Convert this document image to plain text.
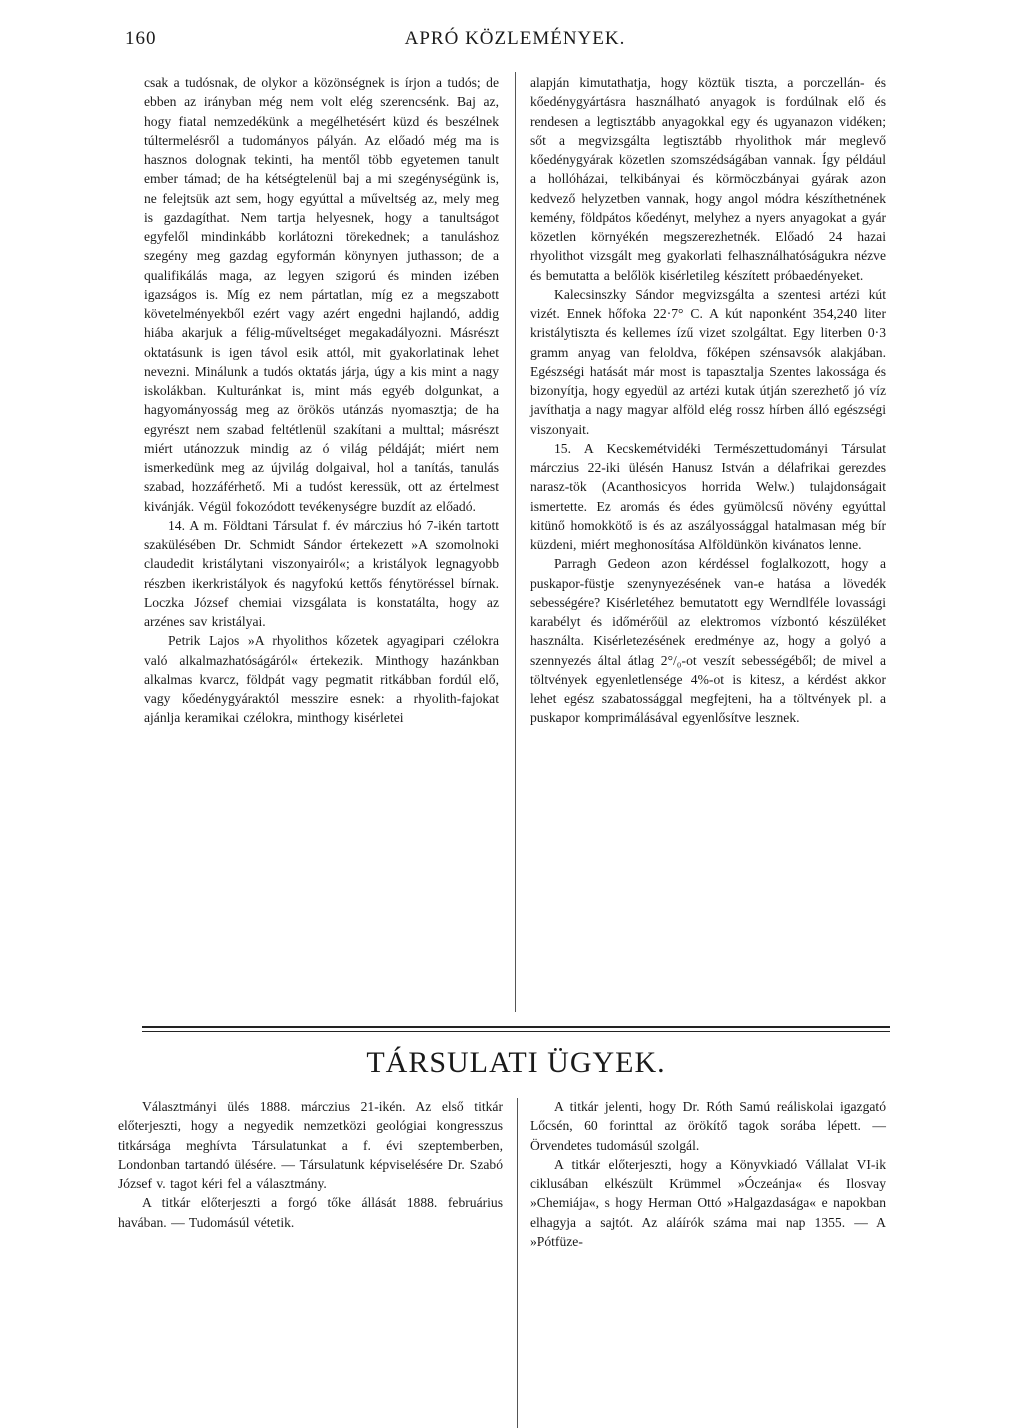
160	APRÓ KÖZLEMÉNYEK.

csak a tudósnak, de olykor a közönségnek is írjon a tudós; de ebben az irányban még nem volt elég szerencsénk. Baj az, hogy fiatal nemzedékünk a megélhetésért küzd és beszélnek túltermelésről a tudományos pályán. Az előadó még ma is hasznos dolognak tekinti, ha mentől több egyetemen tanult ember támad; de ha kétségtelenül baj a mi szegénységünk is, ne felejtsük azt sem, hogy egyúttal a műveltség az, mely meg is gazdagíthat. Nem tartja helyesnek, hogy a tanultságot egyfelől mindinkább korlátozni törekednek; a tanuláshoz szegény meg gazdag egyformán könynyen juthasson; de a qualifikálás maga, az legyen szigorú és minden izében igazságos is. Míg ez nem pártatlan, míg ez a megszabott követelményekből ezért vagy azért engedni hajlandó, addig hiába akarjuk a félig-műveltséget megakadályozni. Másrészt oktatásunk is igen távol esik attól, mit gyakorlatinak lehet nevezni. Minálunk a tudós oktatás járja, úgy a kis mint a nagy iskolákban. Kulturánkat is, mint más egyéb dolgunkat, a hagyományosság meg az örökös utánzás nyomasztja; de ha egyrészt nem szabad feltétlenül szakítani a multtal; másrészt miért utánozzuk mindig az ó világ példáját; miért nem ismerkedünk meg az újvilág dolgaival, hol a tanítás, tanulás szabad, hozzáférhető. Mi a tudóst keressük, ott az értelmest kivánják. Végül fokozódott tevékenységre buzdít az előadó.

14. A m. Földtani Társulat f. év márczius hó 7-ikén tartott szakülésében Dr. Schmidt Sándor értekezett »A szomolnoki claudedit kristálytani viszonyairól«; a kristályok legnagyobb részben ikerkristályok és nagyfokú kettős fénytöréssel bírnak. Loczka József chemiai vizsgálata is konstatálta, hogy az arzénes sav kristályai.

Petrik Lajos »A rhyolithos kőzetek agyagipari czélokra való alkalmazhatóságáról« értekezik. Minthogy hazánkban alkalmas kvarcz, földpát vagy pegmatit ritkábban fordúl elő, vagy kőedénygyáraktól messzire esnek: a rhyolith-fajokat ajánlja keramikai czélokra, minthogy kisérletei

alapján kimutathatja, hogy köztük tiszta, a porczellán- és kőedénygyártásra használható anyagok is fordúlnak elő és rendesen a legtisztább anyagokkal egy és ugyanazon vidéken; sőt a megvizsgálta legtisztább rhyolithok már meglevő kőedénygyárak közetlen szomszédságában vannak. Így például a hollóházai, telkibányai és körmöczbányai gyárak azon kedvező helyzetben vannak, hogy angol módra készíthetnének kemény, földpátos kőedényt, melyhez a nyers anyagokat a gyár közetlen környékén megszerezhetnék. Előadó 24 hazai rhyolithot vizsgált meg gyakorlati felhasználhatóságukra nézve és bemutatta a belőlök kisérletileg készített próbaedényeket.

Kalecsinszky Sándor megvizsgálta a szentesi artézi kút vizét. Ennek hőfoka 22·7° C. A kút naponként 354,240 liter kristálytiszta és kellemes ízű vizet szolgáltat. Egy literben 0·3 gramm anyag van feloldva, főképen szénsavsók alakjában. Egészségi hatását már most is tapasztalja Szentes lakossága és bizonyítja, hogy egyedül az artézi kutak útján szerezhető jó víz javíthatja a nagy magyar alföld elég rossz hírben álló egészségi viszonyait.

15. A Kecskemétvidéki Természettudományi Társulat márczius 22-iki ülésén Hanusz István a délafrikai gerezdes narasz-tök (Acanthosicyos horrida Welw.) tulajdonságait ismertette. Ez aromás és édes gyümölcsű növény egyúttal kitünő homokkötő is és az aszályossággal hatalmasan még bír küzdeni, miért meghonosítása Alföldünkön kivánatos lenne.

Parragh Gedeon azon kérdéssel foglalkozott, hogy a puskapor-füstje szenynyezésének van-e hatása a lövedék sebességére? Kisérletéhez bemutatott egy Werndlféle lovassági karabélyt és időmérőül az elektromos vízbontó készüléket használta. Kisérletezésének eredménye az, hogy a golyó a szennyezés által átlag 2°/₀-ot veszít sebességéből; de mivel a töltvények egyenletlensége 4%-ot is kitesz, a kérdést akkor lehet egész szabatossággal megfejteni, ha a töltvények pl. a puskapor komprimálásával egyenlősítve lesznek.

TÁRSULATI ÜGYEK.

Választmányi ülés 1888. márczius 21-ikén. Az első titkár előterjeszti, hogy a negyedik nemzetközi geológiai kongresszus titkársága meghívta Társulatunkat a f. évi szeptemberben, Londonban tartandó ülésére. — Társulatunk képviselésére Dr. Szabó József v. tagot kéri fel a választmány.

A titkár előterjeszti a forgó tőke állását 1888. februárius havában. — Tudomásúl vétetik.

A titkár jelenti, hogy Dr. Róth Samú reáliskolai igazgató Lőcsén, 60 forinttal az örökítő tagok sorába lépett. — Örvendetes tudomásúl szolgál.

A titkár előterjeszti, hogy a Könyvkiadó Vállalat VI-ik ciklusában elkészült Krümmel »Óczeánja« és Ilosvay »Chemiája«, s hogy Herman Ottó »Halgazdasága« e napokban elhagyja a sajtót. Az aláírók száma mai nap 1355. — A »Pótfüze-
